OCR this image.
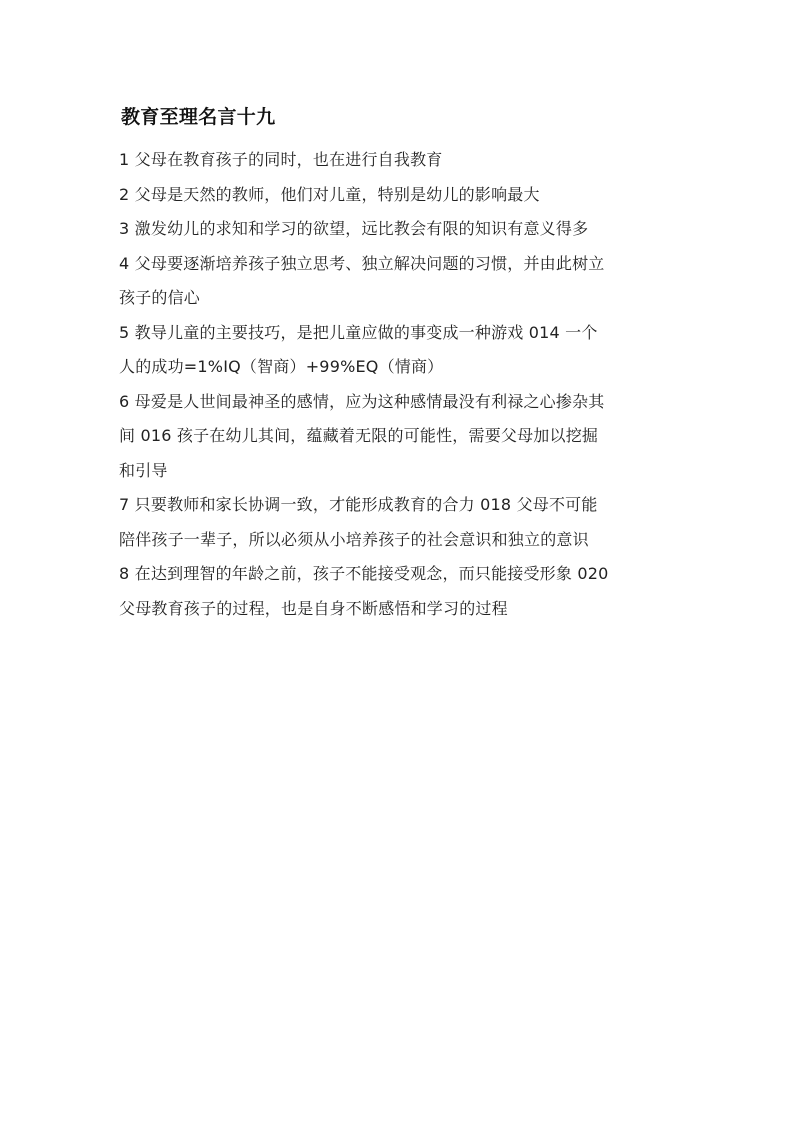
教育至理名言十九
1 父母在教育孩子的同时，也在进行自我教育
2 父母是天然的教师，他们对儿童，特别是幼儿的影响最大
3 激发幼儿的求知和学习的欲望，远比教会有限的知识有意义得多
4 父母要逐渐培养孩子独立思考、独立解决问题的习惯，并由此树立
孩子的信心
5 教导儿童的主要技巧，是把儿童应做的事变成一种游戏 014 一个
人的成功=1%IQ（智商）+99%EQ（情商）
6 母爱是人世间最神圣的感情，应为这种感情最没有利禄之心掺杂其
间 016 孩子在幼儿其间，蕴藏着无限的可能性，需要父母加以挖掘
和引导
7 只要教师和家长协调一致，才能形成教育的合力 018 父母不可能
陪伴孩子一辈子，所以必须从小培养孩子的社会意识和独立的意识
8 在达到理智的年龄之前，孩子不能接受观念，而只能接受形象 020
父母教育孩子的过程，也是自身不断感悟和学习的过程
